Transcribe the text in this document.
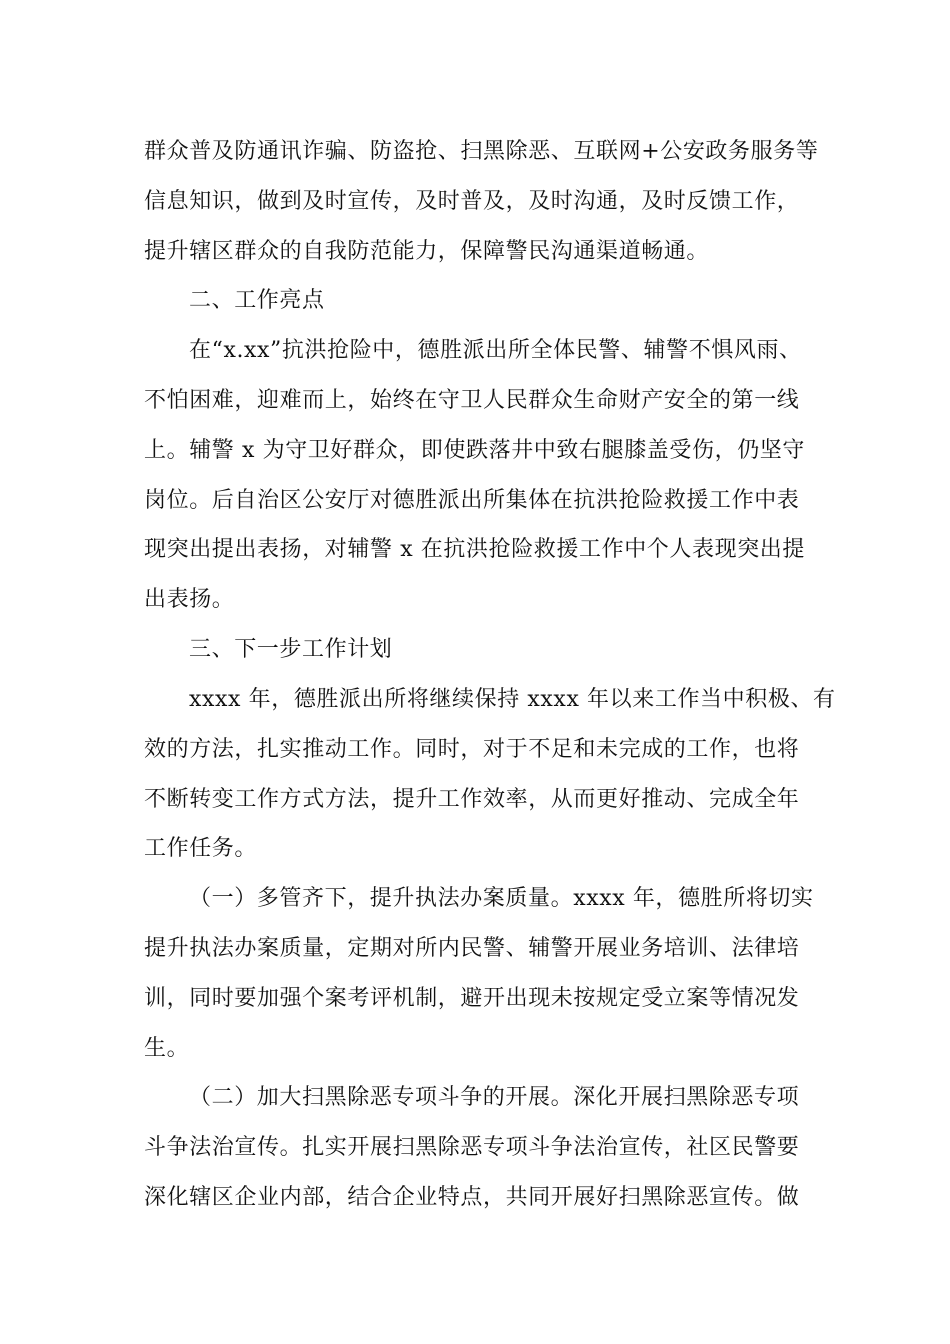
群众普及防通讯诈骗、防盗抢、扫黑除恶、互联网+公安政务服务等
信息知识，做到及时宣传，及时普及，及时沟通，及时反馈工作，
提升辖区群众的自我防范能力，保障警民沟通渠道畅通。
二、工作亮点
在“x.xx”抗洪抢险中，德胜派出所全体民警、辅警不惧风雨、
不怕困难，迎难而上，始终在守卫人民群众生命财产安全的第一线
上。辅警 x 为守卫好群众，即使跌落井中致右腿膝盖受伤，仍坚守
岗位。后自治区公安厅对德胜派出所集体在抗洪抢险救援工作中表
现突出提出表扬，对辅警 x 在抗洪抢险救援工作中个人表现突出提
出表扬。
三、下一步工作计划
xxxx 年，德胜派出所将继续保持 xxxx 年以来工作当中积极、有
效的方法，扎实推动工作。同时，对于不足和未完成的工作，也将
不断转变工作方式方法，提升工作效率，从而更好推动、完成全年
工作任务。
（一）多管齐下，提升执法办案质量。xxxx 年，德胜所将切实
提升执法办案质量，定期对所内民警、辅警开展业务培训、法律培
训，同时要加强个案考评机制，避开出现未按规定受立案等情况发
生。
（二）加大扫黑除恶专项斗争的开展。深化开展扫黑除恶专项
斗争法治宣传。扎实开展扫黑除恶专项斗争法治宣传，社区民警要
深化辖区企业内部，结合企业特点，共同开展好扫黑除恶宣传。做
